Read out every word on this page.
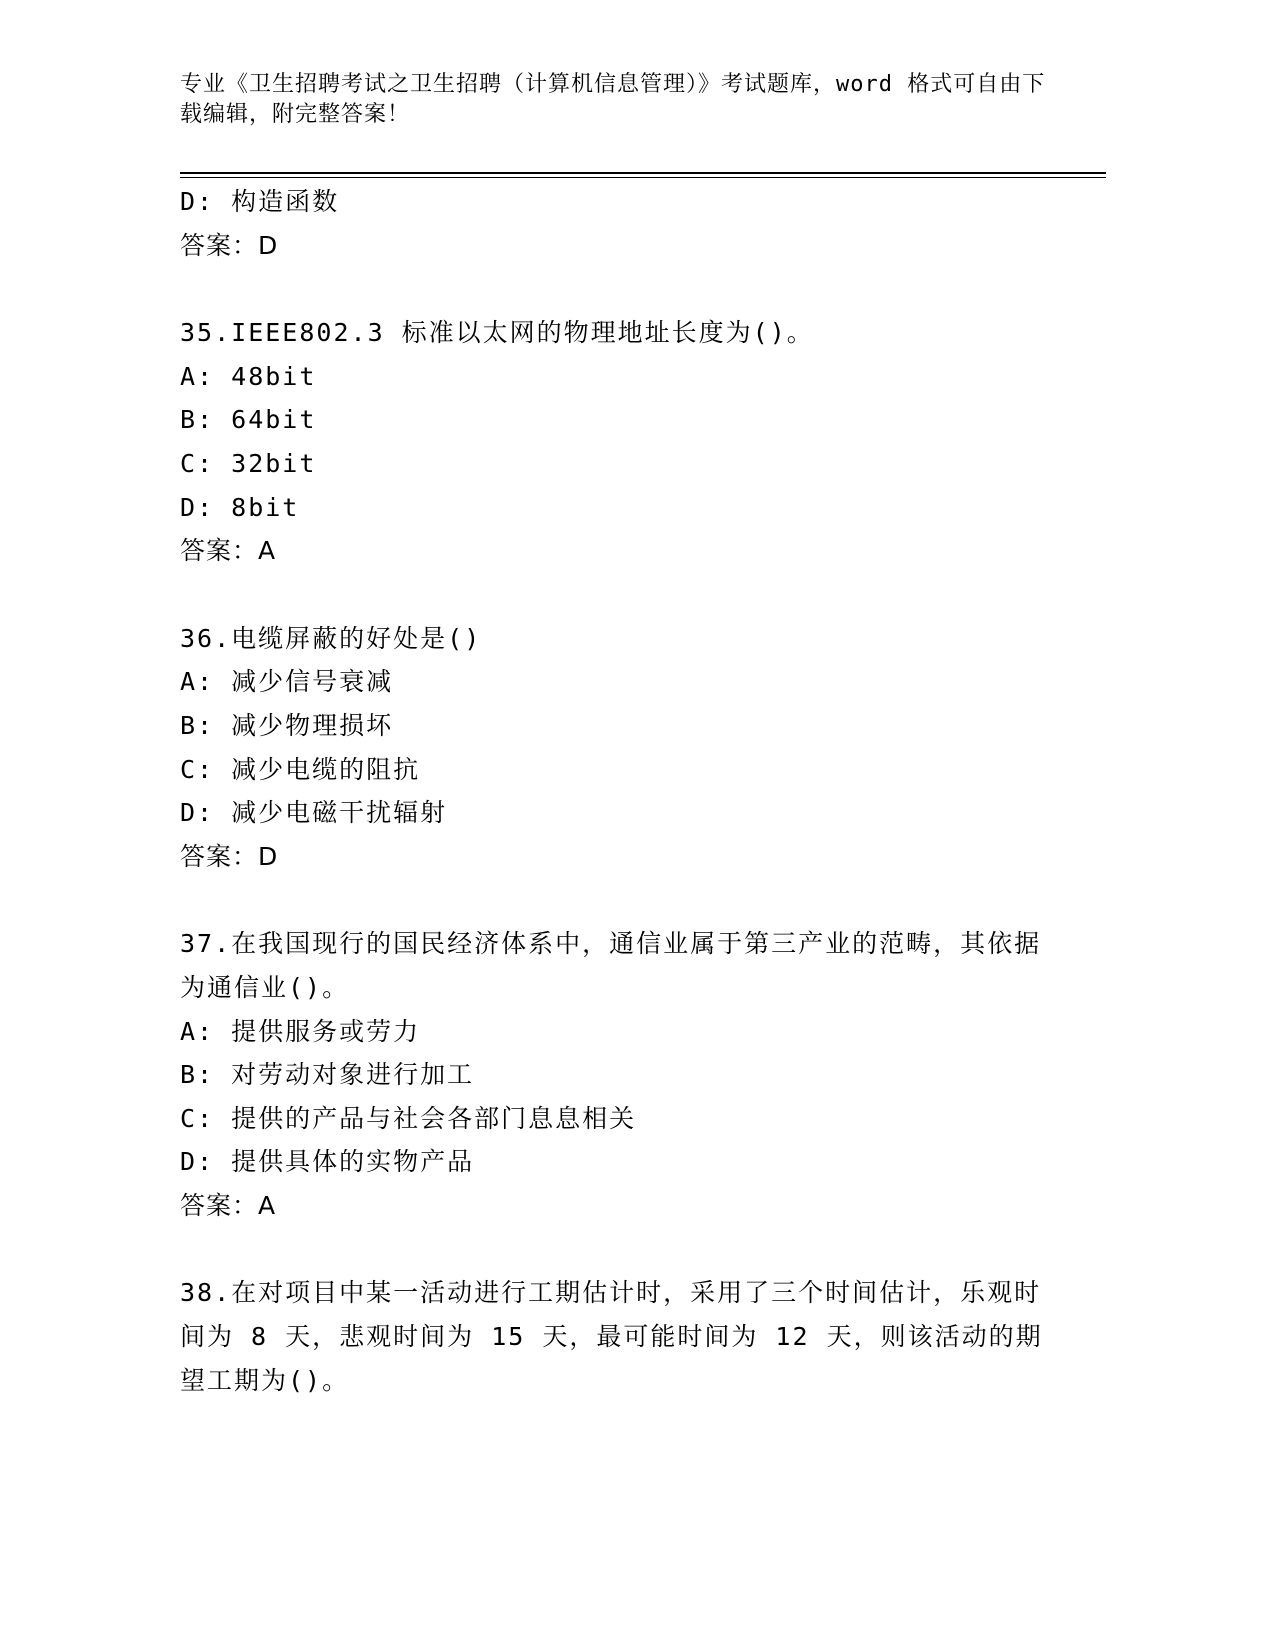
专业《卫生招聘考试之卫生招聘（计算机信息管理）》考试题库，word 格式可自由下载编辑，附完整答案！
D: 构造函数
答案：D
35.IEEE802.3 标准以太网的物理地址长度为()。
A: 48bit
B: 64bit
C: 32bit
D: 8bit
答案：A
36.电缆屏蔽的好处是()
A: 减少信号衰减
B: 减少物理损坏
C: 减少电缆的阻抗
D: 减少电磁干扰辐射
答案：D
37.在我国现行的国民经济体系中，通信业属于第三产业的范畴，其依据为通信业()。
A: 提供服务或劳力
B: 对劳动对象进行加工
C: 提供的产品与社会各部门息息相关
D: 提供具体的实物产品
答案：A
38.在对项目中某一活动进行工期估计时，采用了三个时间估计，乐观时间为 8 天，悲观时间为 15 天，最可能时间为 12 天，则该活动的期望工期为()。
